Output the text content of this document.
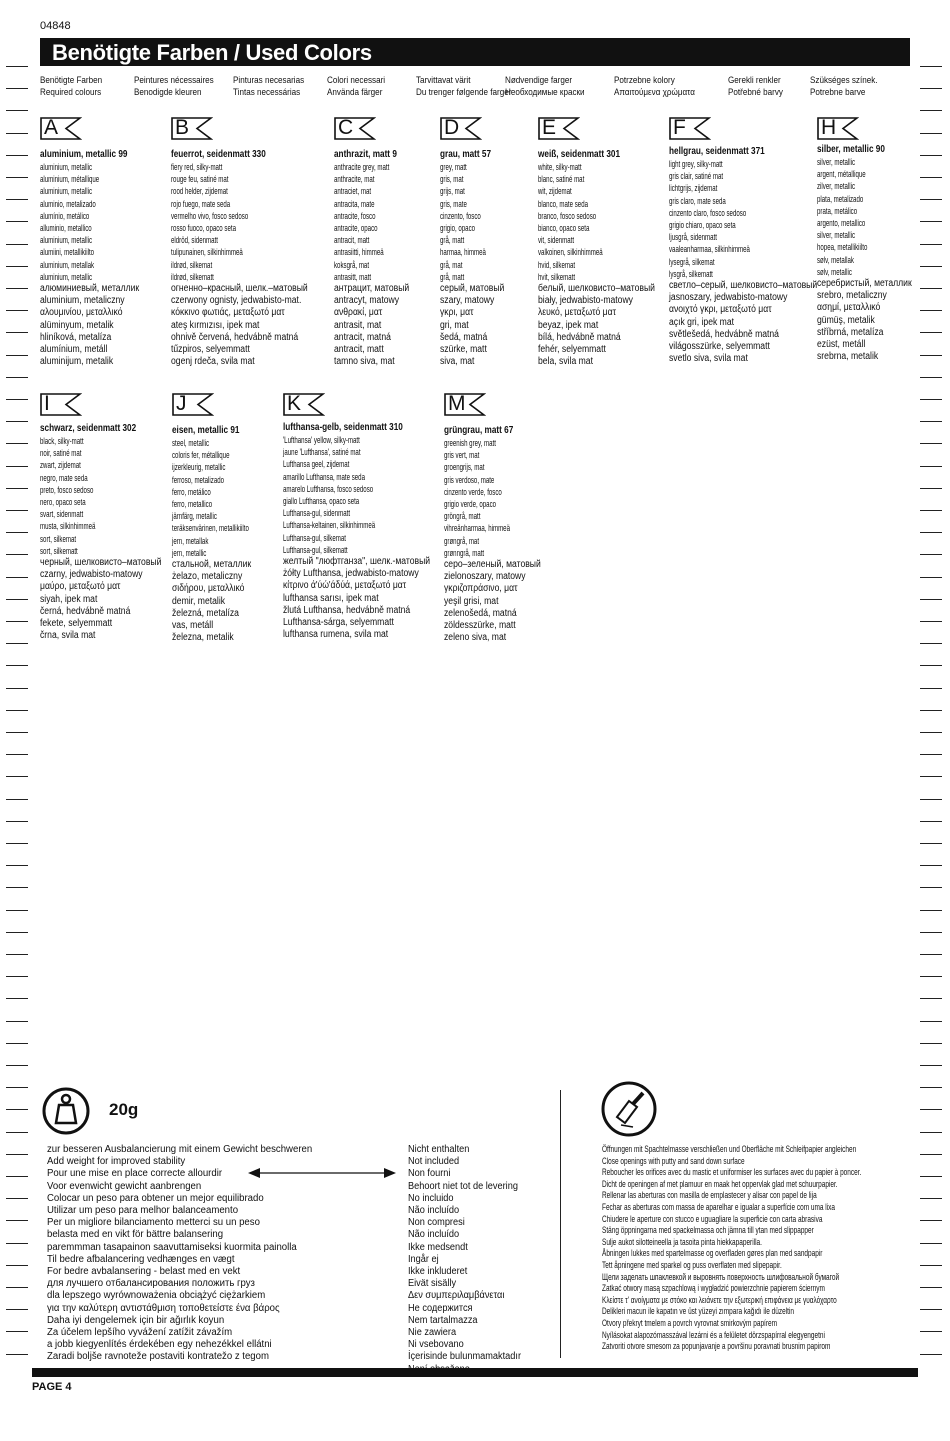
04848
Benötigte Farben / Used Colors
Benötigte Farben
Required colours
Peintures nécessaires
Benodigde kleuren
Pinturas necesarias
Tintas necessárias
Colori necessari
Använda färger
Tarvittavat värit
Du trenger følgende farger
Nødvendige farger
Необходимые краски
Potrzebne kolory
Απαιτούμενα χρώματα
Gerekli renkler
Potřebné barvy
Szükséges színek.
Potrebne barve
A
aluminium, metallic 99
aluminium, metallic
aluminium, métallique
aluminium, metallic
aluminio, metalizado
alumínio, metálico
alluminio, metallico
aluminium, metallic
alumiini, metallikiilto
aluminium, metallak
aluminium, metallic
алюминиевый, металлик
aluminium, metaliczny
αλουμινίου, μεταλλικό
alüminyum, metalik
hliníková, metalíza
alumínium, metáll
aluminijum, metalik
B
feuerrot, seidenmatt 330
fiery red, silky-matt
rouge feu, satiné mat
rood helder, zijdemat
rojo fuego, mate seda
vermelho vivo, fosco sedoso
rosso fuoco, opaco seta
eldröd, sidenmatt
tulipunainen, silkinhimmeä
ildrød, silkemat
ildrød, silkematt
огненно–красный, шелк.–матовый
czerwony ognisty, jedwabisto-mat.
κόκκινο φωτιάς, μεταξωτό ματ
ateş kırmızısı, ipek mat
ohnivě červená, hedvábně matná
tűzpiros, selyemmatt
ogenj rdeča, svila mat
C
anthrazit, matt 9
anthracite grey, matt
anthracite, mat
antraciet, mat
antracita, mate
antracite, fosco
antracite, opaco
antracit, matt
antrasiitti, himmeä
koksgrå, mat
antrasitt, matt
антрацит, матовый
antracyt, matowy
ανθρακί, ματ
antrasit, mat
antracit, matná
antracit, matt
tamno siva, mat
D
grau, matt 57
grey, matt
gris, mat
grijs, mat
gris, mate
cinzento, fosco
grigio, opaco
grå, matt
harmaa, himmeä
grå, mat
grå, matt
серый, матовый
szary, matowy
γκρι, ματ
gri, mat
šedá, matná
szürke, matt
siva, mat
E
weiß, seidenmatt 301
white, silky-matt
blanc, satiné mat
wit, zijdemat
blanco, mate seda
branco, fosco sedoso
bianco, opaco seta
vit, sidenmatt
valkoinen, silkinhimmeä
hvid, silkemat
hvit, silkematt
белый, шелковисто–матовый
biały, jedwabisto-matowy
λευκό, μεταξωτό ματ
beyaz, ipek mat
bílá, hedvábně matná
fehér, selyemmatt
bela, svila mat
F
hellgrau, seidenmatt 371
light grey, silky-matt
gris clair, satiné mat
lichtgrijs, zijdemat
gris claro, mate seda
cinzento claro, fosco sedoso
grigio chiaro, opaco seta
ljusgrå, sidenmatt
vaaleanharmaa, silkinhimmeä
lysegrå, silkemat
lysgrå, silkematt
светло–серый, шелковисто–матовый
jasnoszary, jedwabisto-matowy
ανοιχτό γκρι, μεταξωτό ματ
açık gri, ipek mat
světlešedá, hedvábně matná
világosszürke, selyemmatt
svetlo siva, svila mat
H
silber, metallic 90
silver, metallic
argent, métallique
zilver, metallic
plata, metalizado
prata, metálico
argento, metallico
silver, metallic
hopea, metallikiilto
sølv, metallak
sølv, metallic
серебристый, металлик
srebro, metaliczny
ασημί, μεταλλικό
gümüş, metalik
stříbrná, metalíza
ezüst, metáll
srebrna, metalik
I
schwarz, seidenmatt 302
black, silky-matt
noir, satiné mat
zwart, zijdemat
negro, mate seda
preto, fosco sedoso
nero, opaco seta
svart, sidenmatt
musta, silkinhimmeä
sort, silkemat
sort, silkematt
черный, шелковисто–матовый
czarny, jedwabisto-matowy
μαύρο, μεταξωτό ματ
siyah, ipek mat
černá, hedvábně matná
fekete, selyemmatt
črna, svila mat
J
eisen, metallic 91
steel, metallic
coloris fer, métallique
ijzerkleurig, metallic
ferroso, metalizado
ferro, metálico
ferro, metallico
järnfärg, metallic
teräksenvärinen, metallikiilto
jern, metallak
jern, metallic
стальной, металлик
żelazo, metaliczny
σιδήρου, μεταλλικό
demir, metalik
železná, metalíza
vas, metáll
železna, metalik
K
lufthansa-gelb, seidenmatt 310
'Lufthansa' yellow, silky-matt
jaune 'Lufthansa', satiné mat
Lufthansa geel, zijdemat
amarillo Lufthansa, mate seda
amarelo Lufthansa, fosco sedoso
giallo Lufthansa, opaco seta
Lufthansa-gul, sidenmatt
Lufthansa-keltainen, silkinhimmeä
Lufthansa-gul, silkemat
Lufthansa-gul, silkematt
желтый "люфтганза", шелк.-матовый
żółty Lufthansa, jedwabisto-matowy
κίτρινο ά'ύώ'άδύά, μεταξωτό ματ
lufthansa sarısı, ipek mat
žlutá Lufthansa, hedvábně matná
Lufthansa-sárga, selyemmatt
lufthansa rumena, svila mat
M
grüngrau, matt 67
greenish grey, matt
gris vert, mat
groengrijs, mat
gris verdoso, mate
cinzento verde, fosco
grigio verde, opaco
gröngrå, matt
vihreänharmaa, himmeä
grøngrå, mat
grønngrå, matt
серо–зеленый, матовый
zielonoszary, matowy
γκριζοπράσινο, ματ
yeşil grisi, mat
zelenošedá, matná
zöldesszürke, matt
zeleno siva, mat
20g
zur besseren Ausbalancierung mit einem Gewicht beschweren
Add weight for improved stability
Pour une mise en place correcte allourdir
Voor evenwicht gewicht aanbrengen
Colocar un peso para obtener un mejor equilibrado
Utilizar um peso para melhor balanceamento
Per un migliore bilanciamento metterci su un peso
belasta med en vikt för bättre balansering
paremmman tasapainon saavuttamiseksi kuormita painolla
Til bedre afbalancering vedhænges en vægt
For bedre avbalansering - belast med en vekt
для лучшего отбалансирования положить груз
dla lepszego wyrównoważenia obciążyć ciężarkiem
για την καλύτερη αντιστάθμιση τοποθετείστε ένα βάρος
Daha iyi dengelemek için bir ağırlık koyun
Za účelem lepšího vyvážení zatížit závažím
a jobb kiegyenlítés érdekében egy nehezékkel ellátni
Zaradi boljše ravnoteže postaviti kontratežo z tegom
Nicht enthalten
Not included
Non fourni
Behoort niet tot de levering
No incluido
Não incluído
Non compresi
Não incluído
Ikke medsendt
Ingår ej
Ikke inkluderet
Eivät sisälly
Δεν συμπεριλαμβάνεται
Не содержится
Nem tartalmazza
Nie zawiera
Ni vsebovano
İçerisinde bulunmamaktadır
Öffnungen mit Spachtelmasse verschließen und Oberfläche mit Schleifpapier angleichen
Close openings with putty and sand down surface
Reboucher les orifices avec du mastic et uniformiser les surfaces avec du papier à poncer.
Dicht de openingen af met plamuur en maak het oppervlak glad met schuurpapier.
Rellenar las aberturas con masilla de emplastecer y alisar con papel de lija
Fechar as aberturas com massa de aparelhar e igualar a superfície com uma lixa
Chiudere le aperture con stucco e uguagliare la superficie con carta abrasiva
Stäng öppningarna med spackelmassa och jämna till ytan med slippapper
Sulje aukot silotteineella ja tasoita pinta hiekkapaperilla.
Åbningen lukkes med spartelmasse og overfladen gøres plan med sandpapir
Tett åpningene med sparkel og puss overflaten med slipepapir.
Щели заделать шпаклевкой и выровнять поверхность шлифовальной бумагой
Zatkać otwory masą szpachlową i wygładzić powierzchnie papierem ściernym
Κλείστε τ' ανοίγματα με στόκο και λειάνετε την εξωτερική επιφάνεια με γυαλόχαρτο
Delikleri macun ile kapatın ve üst yüzeyi zımpara kağıdı ile düzeltin
Otvory překryt tmelem a povrch vyrovnat smirkovým papírem
Nyílásokat alapozómasszával lezárni és a felületet dörzspapírral elegyengetni
Zatvoriti otvore smesom za popunjavanje a površinu poravnati brusnim papirom
PAGE 4
